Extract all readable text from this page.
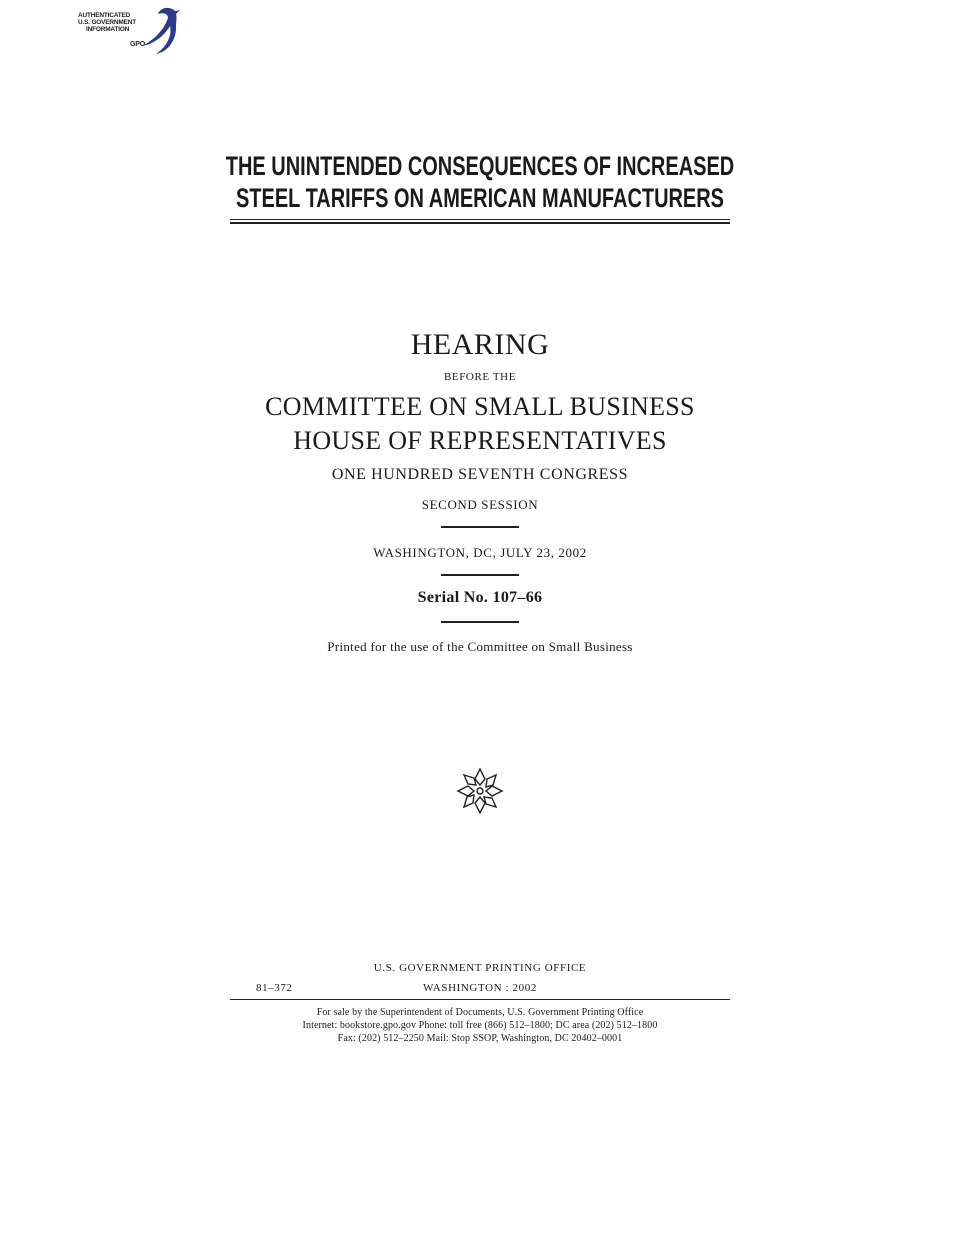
AUTHENTICATED
U.S. GOVERNMENT
INFORMATION
GPO
THE UNINTENDED CONSEQUENCES OF INCREASED
STEEL TARIFFS ON AMERICAN MANUFACTURERS
HEARING
BEFORE THE
COMMITTEE ON SMALL BUSINESS
HOUSE OF REPRESENTATIVES
ONE HUNDRED SEVENTH CONGRESS
SECOND SESSION
WASHINGTON, DC, JULY 23, 2002
Serial No. 107–66
Printed for the use of the Committee on Small Business
U.S. GOVERNMENT PRINTING OFFICE
81–372	WASHINGTON : 2002
For sale by the Superintendent of Documents, U.S. Government Printing Office
Internet: bookstore.gpo.gov Phone: toll free (866) 512–1800; DC area (202) 512–1800
Fax: (202) 512–2250 Mail: Stop SSOP, Washington, DC 20402–0001
